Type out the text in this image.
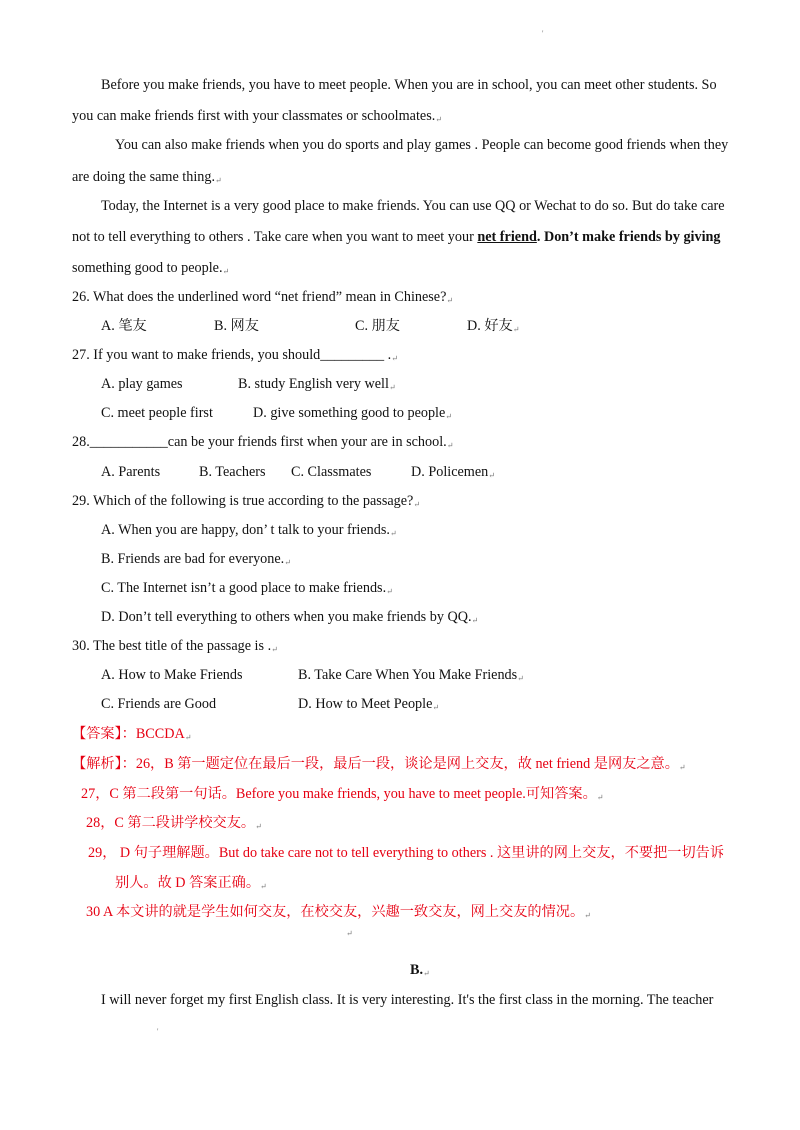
'
Before you make friends, you have to meet people. When you are in school, you can meet other students. So
you can make friends first with your classmates or schoolmates.↵
You can also make friends when you do sports and play games . People can become good friends when they
are doing the same thing.↵
Today, the Internet is a very good place to make friends. You can use QQ or Wechat to do so. But do take care
not to tell everything to others . Take care when you want to meet your net friend. Don’t make friends by giving
something good to people.↵
26. What does the underlined word “net friend” mean in Chinese?↵
A. 笔友	B. 网友	C. 朋友	D. 好友↵
27. If you want to make friends, you should_________ .↵
A. play games	B. study English very well↵
C. meet people first	D. give something good to people↵
28.___________can be your friends first when your are in school.↵
A. Parents	B. Teachers C. Classmates	D. Policemen↵
29. Which of the following is true according to the passage?↵
A. When you are happy, don’ t talk to your friends.↵
B. Friends are bad for everyone.↵
C. The Internet isn’t a good place to make friends.↵
D. Don’t tell everything to others when you make friends by QQ.↵
30. The best title of the passage is .↵
A. How to Make Friends	B. Take Care When You Make Friends↵
C. Friends are Good	D. How to Meet People↵
【答案】：BCCDA↵
【解析】：26，B 第一题定位在最后一段，最后一段，谈论是网上交友，故 net friend 是网友之意。↵
27，C 第二段第一句话。Before you make friends, you have to meet people.可知答案。↵
28，C 第二段讲学校交友。↵
29， D 句子理解题。But do take care not to tell everything to others . 这里讲的网上交友，不要把一切告诉
别人。故 D 答案正确。↵
30 A 本文讲的就是学生如何交友，在校交友，兴趣一致交友，网上交友的情况。↵
↵
B.↵
I will never forget my first English class. It is very interesting. It's the first class in the morning. The teacher
'
